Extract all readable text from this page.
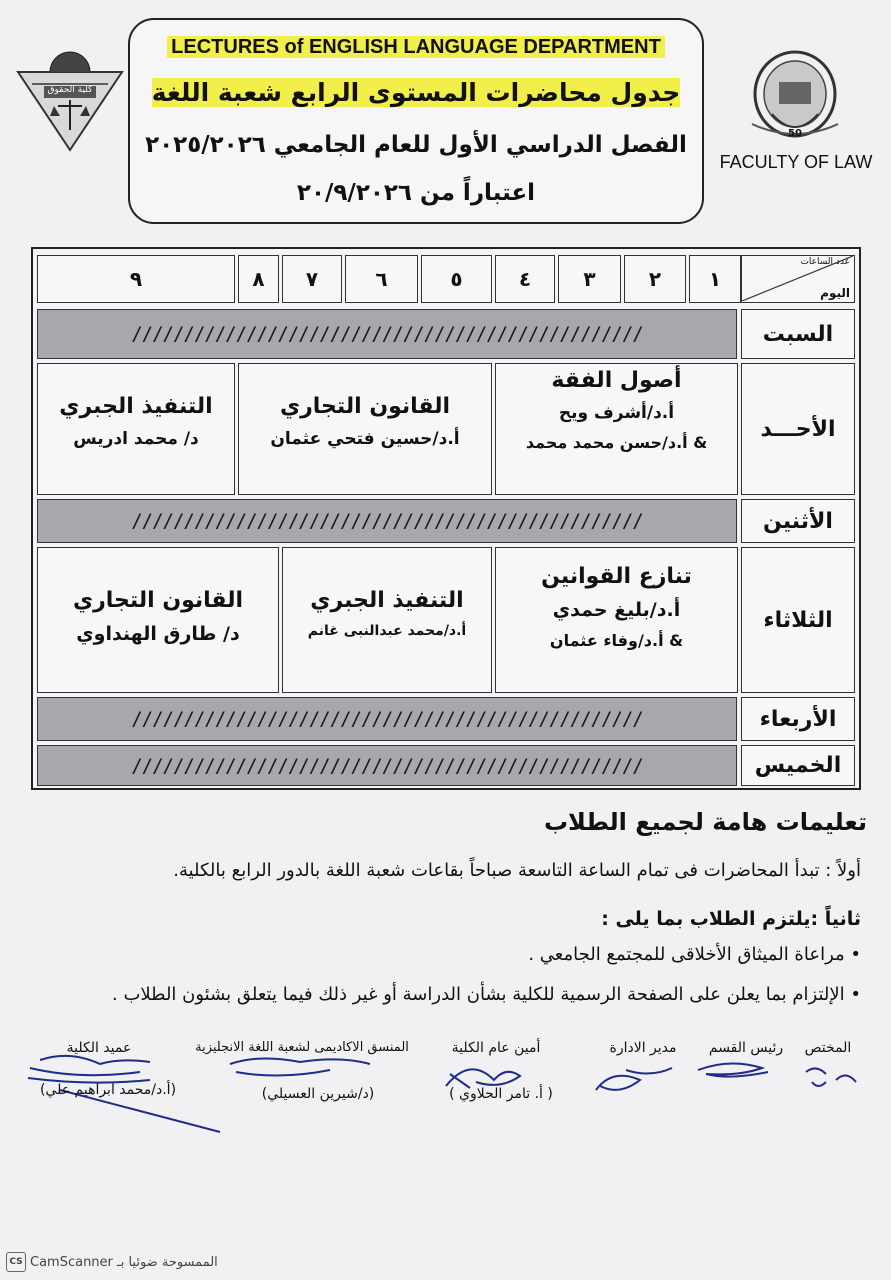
كلية الحقوق
50
FACULTY OF LAW
LECTURES of ENGLISH LANGUAGE DEPARTMENT
جدول محاضرات المستوى الرابع شعبة اللغة
الفصل الدراسي الأول للعام الجامعي ٢٠٢٥/٢٠٢٦
اعتباراً من ٢٠/٩/٢٠٢٦
عدد الساعات
اليوم
١
٢
٣
٤
٥
٦
٧
٨
٩
السبت
/////////////////////////////////////////////////
الأحـــد
أصول الفقة
أ.د/أشرف ويح
& أ.د/حسن محمد محمد
القانون التجاري
أ.د/حسين فتحي عثمان
التنفيذ الجبري
د/ محمد ادريس
الأثنين
/////////////////////////////////////////////////
الثلاثاء
تنازع القوانين
أ.د/بليغ حمدي
& أ.د/وفاء عثمان
التنفيذ الجبري
أ.د/محمد عبدالنبى غانم
القانون التجاري
د/ طارق الهنداوي
الأربعاء
/////////////////////////////////////////////////
الخميس
/////////////////////////////////////////////////
تعليمات هامة لجميع الطلاب
أولاً : تبدأ المحاضرات فى تمام الساعة التاسعة صباحاً بقاعات شعبة اللغة بالدور الرابع بالكلية.
ثانياً :يلتزم الطلاب بما يلى :
• مراعاة الميثاق الأخلاقى للمجتمع الجامعي .
• الإلتزام بما يعلن على الصفحة الرسمية للكلية بشأن الدراسة أو غير ذلك فيما يتعلق بشئون الطلاب .
المختص
رئيس القسم
مدير الادارة
أمين عام الكلية
المنسق الاكاديمى لشعبة اللغة الانجليزية
عميد الكلية
(د/شيرين العسيلي)	( أ. تامر الحلاوي )
(أ.د/محمد ابراهيم علي)
CS CamScanner الممسوحة ضوئيا بـ
